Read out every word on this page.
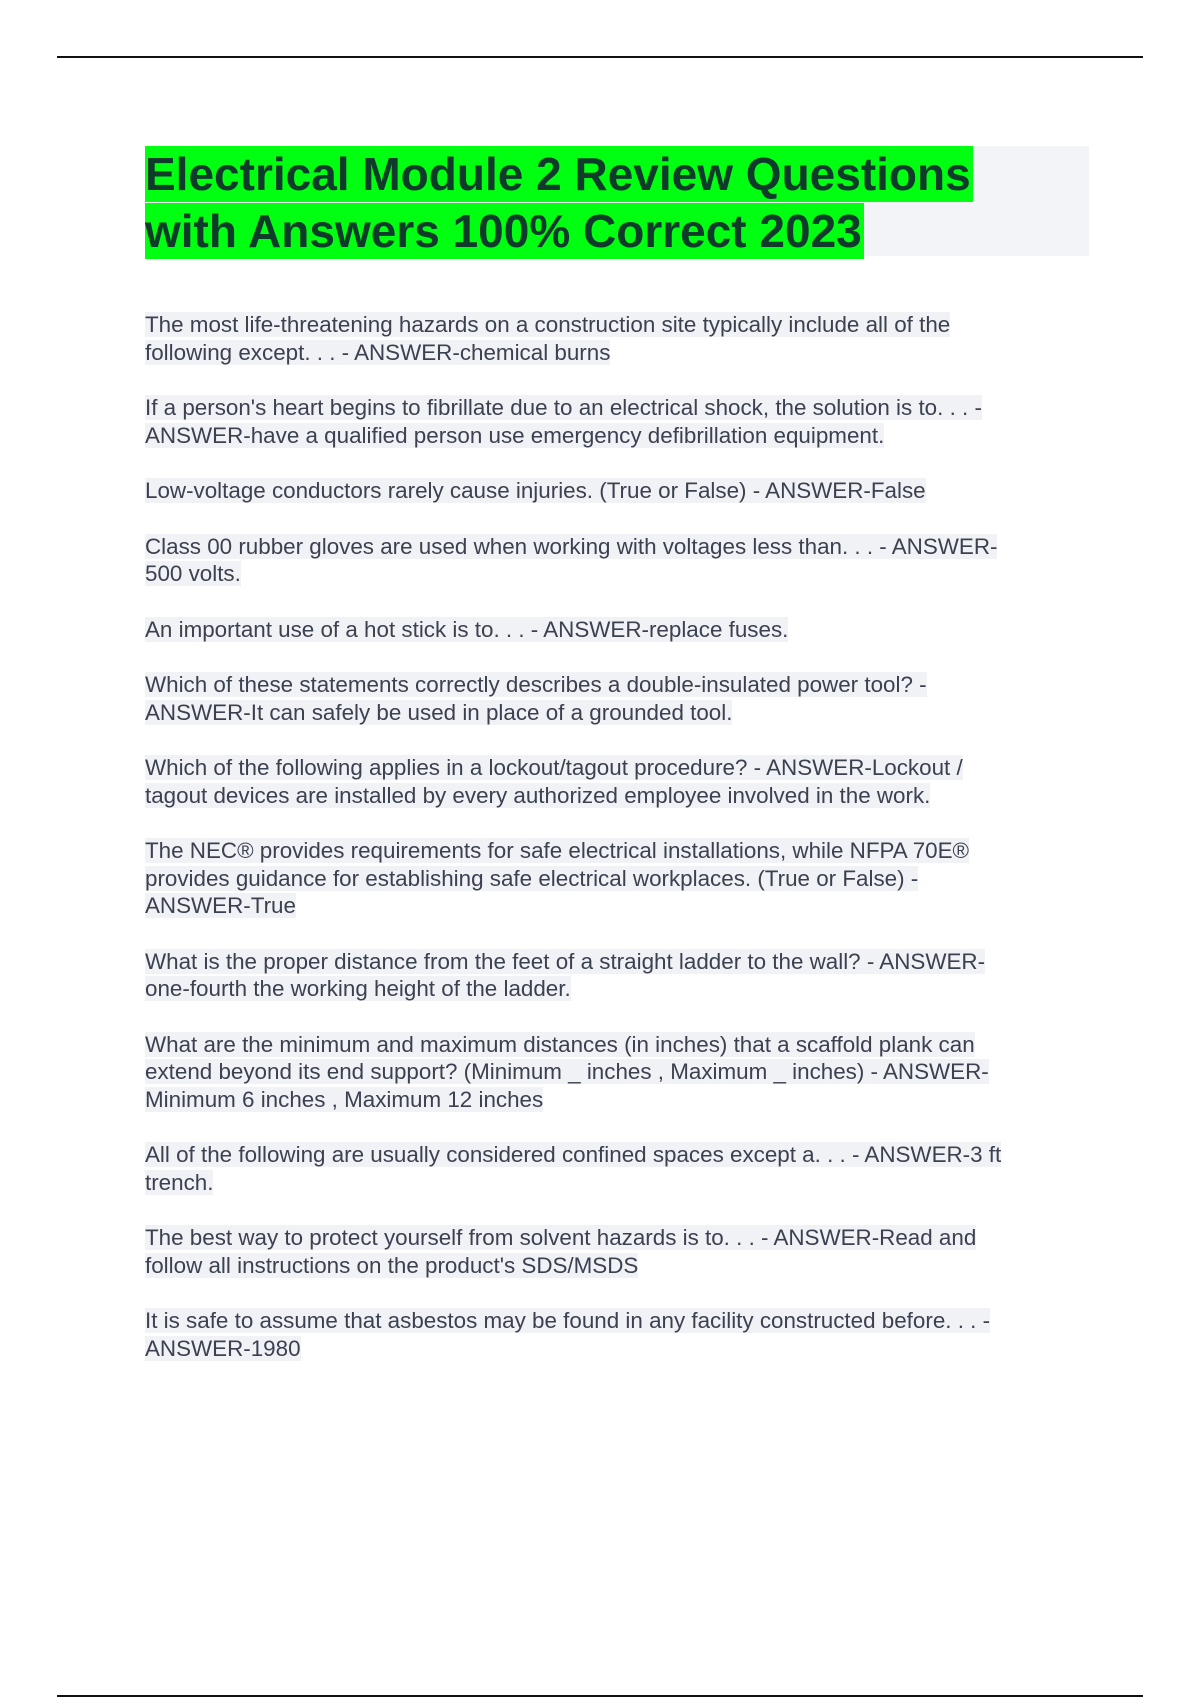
Electrical Module 2 Review Questions
with Answers 100% Correct 2023
The most life-threatening hazards on a construction site typically include all of the
following except. . . - ANSWER-chemical burns
If a person's heart begins to fibrillate due to an electrical shock, the solution is to. . . -
ANSWER-have a qualified person use emergency defibrillation equipment.
Low-voltage conductors rarely cause injuries. (True or False) - ANSWER-False
Class 00 rubber gloves are used when working with voltages less than. . . - ANSWER-
500 volts.
An important use of a hot stick is to. . . - ANSWER-replace fuses.
Which of these statements correctly describes a double-insulated power tool? -
ANSWER-It can safely be used in place of a grounded tool.
Which of the following applies in a lockout/tagout procedure? - ANSWER-Lockout /
tagout devices are installed by every authorized employee involved in the work.
The NEC® provides requirements for safe electrical installations, while NFPA 70E®
provides guidance for establishing safe electrical workplaces. (True or False) -
ANSWER-True
What is the proper distance from the feet of a straight ladder to the wall? - ANSWER-
one-fourth the working height of the ladder.
What are the minimum and maximum distances (in inches) that a scaffold plank can
extend beyond its end support? (Minimum _ inches , Maximum _ inches) - ANSWER-
Minimum 6 inches , Maximum 12 inches
All of the following are usually considered confined spaces except a. . . - ANSWER-3 ft
trench.
The best way to protect yourself from solvent hazards is to. . . - ANSWER-Read and
follow all instructions on the product's SDS/MSDS
It is safe to assume that asbestos may be found in any facility constructed before. . . -
ANSWER-1980
